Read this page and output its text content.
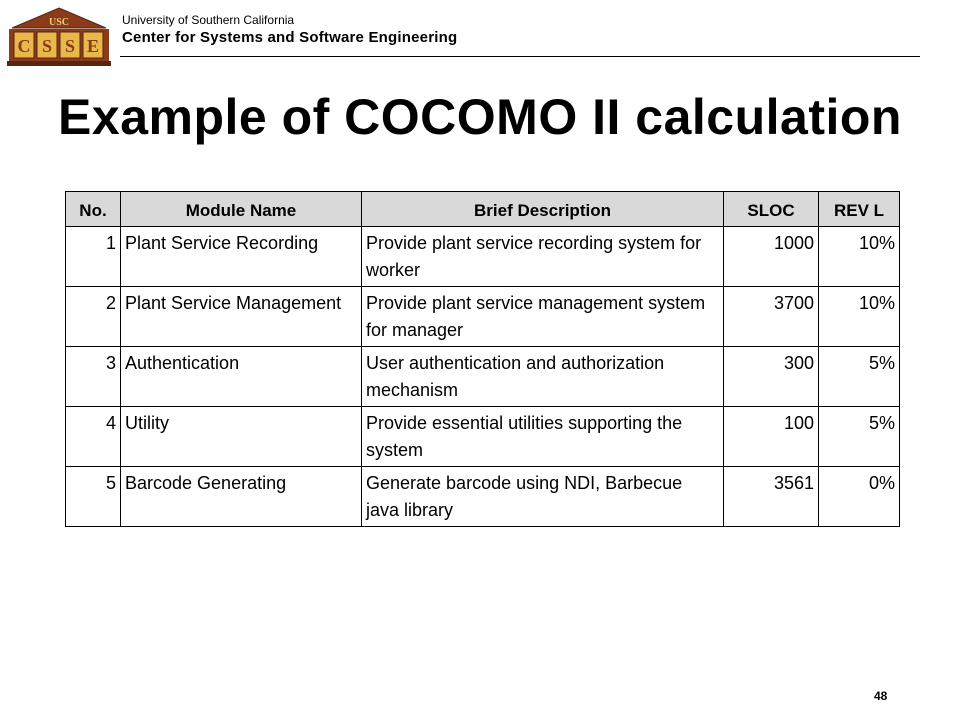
USC
C S S E
University of Southern California
Center for Systems and Software Engineering
Example of COCOMO II calculation
No.	Module Name	Brief Description	SLOC	REV L
1	Plant Service Recording	Provide plant service recording system for worker	1000	10%
2	Plant Service Management	Provide plant service management system for manager	3700	10%
3	Authentication	User authentication and authorization mechanism	300	5%
4	Utility	Provide essential utilities supporting the system	100	5%
5	Barcode Generating	Generate barcode using NDI, Barbecue java library	3561	0%
48
